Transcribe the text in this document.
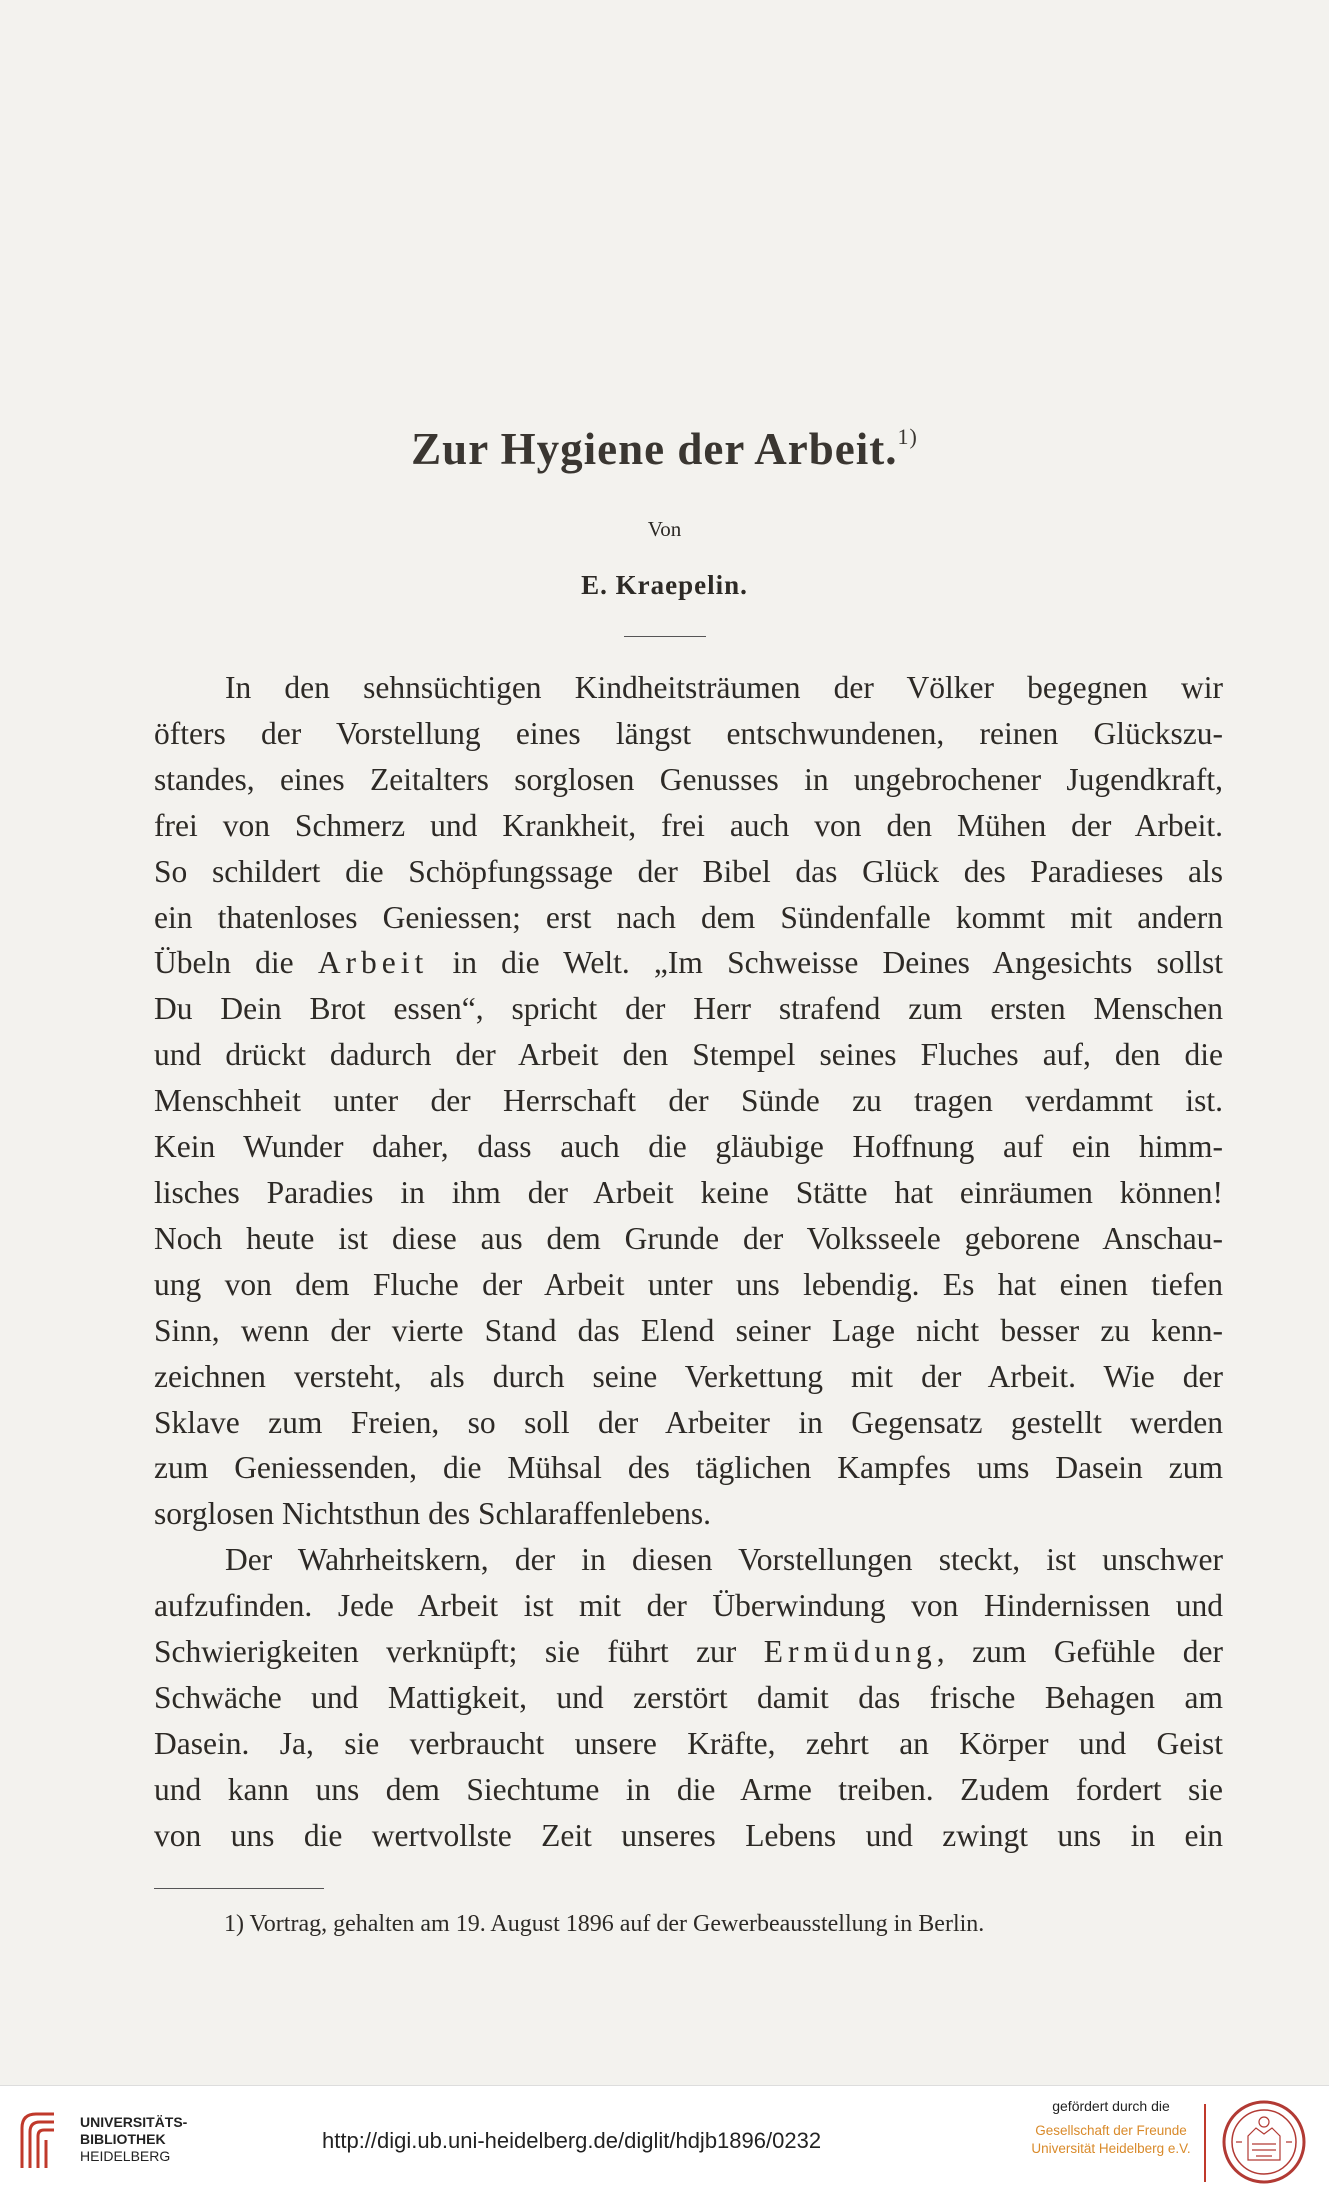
Zur Hygiene der Arbeit.$^{1)}$
Von
E. Kraepelin.
In den sehnsüchtigen Kindheitsträumen der Völker begegnen wir
öfters der Vorstellung eines längst entschwundenen, reinen Glückszu-
standes, eines Zeitalters sorglosen Genusses in ungebrochener Jugendkraft,
frei von Schmerz und Krankheit, frei auch von den Mühen der Arbeit.
So schildert die Schöpfungssage der Bibel das Glück des Paradieses als
ein thatenloses Geniessen; erst nach dem Sündenfalle kommt mit andern
Übeln die Arbeit in die Welt. „Im Schweisse Deines Angesichts sollst
Du Dein Brot essen“, spricht der Herr strafend zum ersten Menschen
und drückt dadurch der Arbeit den Stempel seines Fluches auf, den die
Menschheit unter der Herrschaft der Sünde zu tragen verdammt ist.
Kein Wunder daher, dass auch die gläubige Hoffnung auf ein himm-
lisches Paradies in ihm der Arbeit keine Stätte hat einräumen können!
Noch heute ist diese aus dem Grunde der Volksseele geborene Anschau-
ung von dem Fluche der Arbeit unter uns lebendig. Es hat einen tiefen
Sinn, wenn der vierte Stand das Elend seiner Lage nicht besser zu kenn-
zeichnen versteht, als durch seine Verkettung mit der Arbeit. Wie der
Sklave zum Freien, so soll der Arbeiter in Gegensatz gestellt werden
zum Geniessenden, die Mühsal des täglichen Kampfes ums Dasein zum
sorglosen Nichtsthun des Schlaraffenlebens.
Der Wahrheitskern, der in diesen Vorstellungen steckt, ist unschwer
aufzufinden. Jede Arbeit ist mit der Überwindung von Hindernissen und
Schwierigkeiten verknüpft; sie führt zur Ermüdung, zum Gefühle der
Schwäche und Mattigkeit, und zerstört damit das frische Behagen am
Dasein. Ja, sie verbraucht unsere Kräfte, zehrt an Körper und Geist
und kann uns dem Siechtume in die Arme treiben. Zudem fordert sie
von uns die wertvollste Zeit unseres Lebens und zwingt uns in ein
1) Vortrag, gehalten am 19. August 1896 auf der Gewerbeausstellung in Berlin.
UNIVERSITÄTS-
BIBLIOTHEK
HEIDELBERG
http://digi.ub.uni-heidelberg.de/diglit/hdjb1896/0232
gefördert durch die
Gesellschaft der Freunde
Universität Heidelberg e.V.
